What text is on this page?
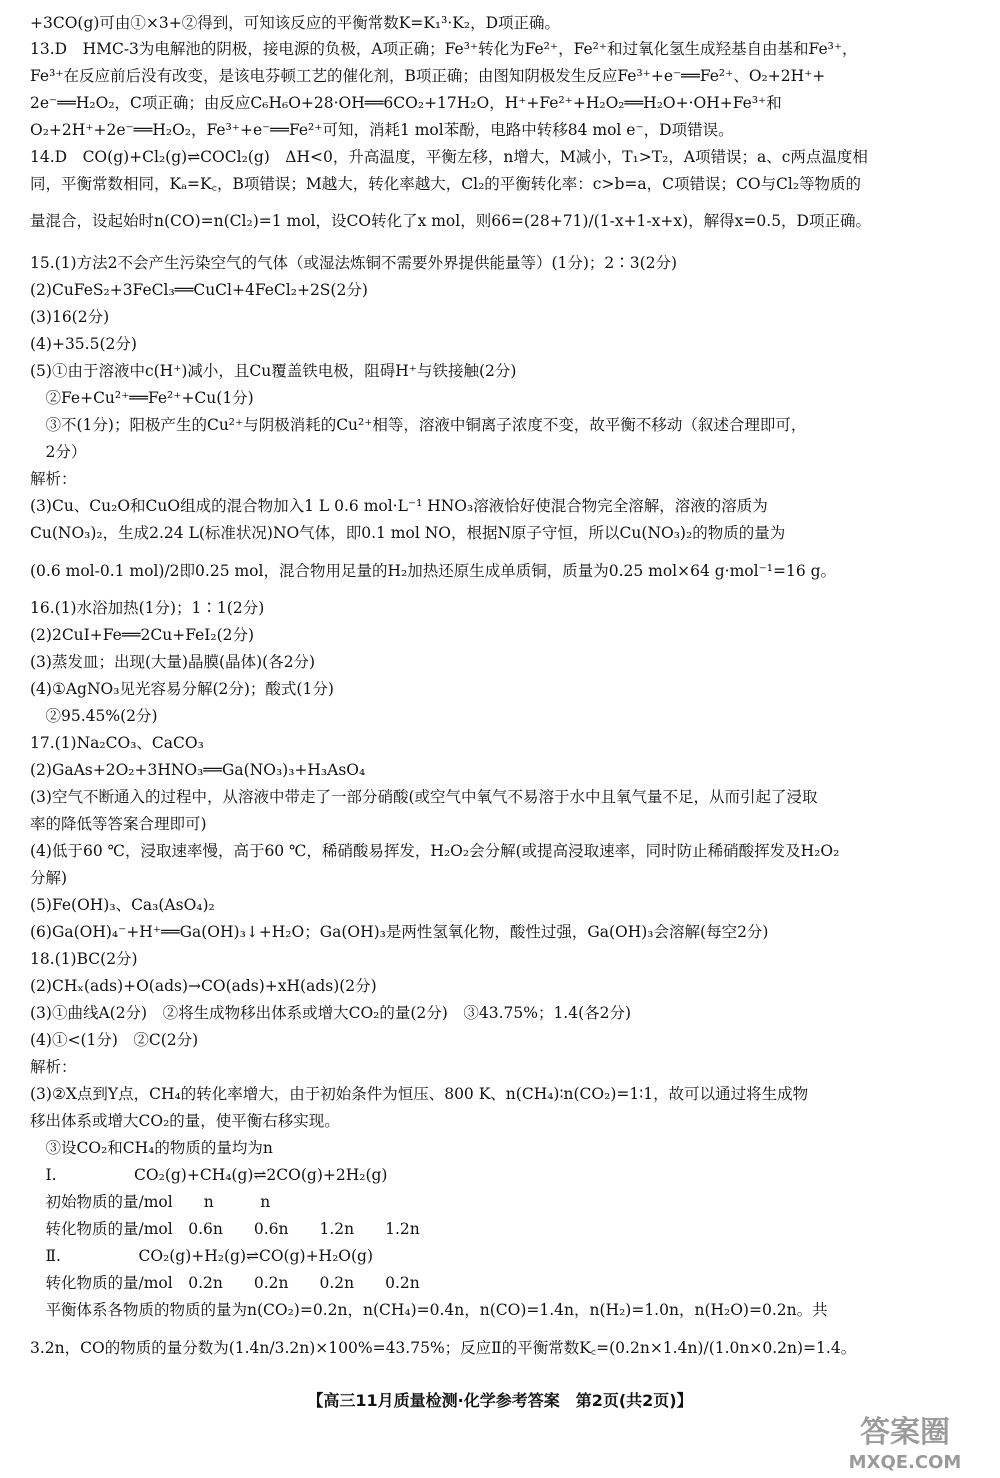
+3CO(g)可由①×3+②得到，可知该反应的平衡常数K=K₁³·K₂，D项正确。
13.D　HMC-3为电解池的阴极，接电源的负极，A项正确；Fe³⁺转化为Fe²⁺，Fe²⁺和过氧化氢生成羟基自由基和Fe³⁺，
Fe³⁺在反应前后没有改变，是该电芬顿工艺的催化剂，B项正确；由图知阴极发生反应Fe³⁺+e⁻══Fe²⁺、O₂+2H⁺+
2e⁻══H₂O₂，C项正确；由反应C₆H₆O+28·OH══6CO₂+17H₂O，H⁺+Fe²⁺+H₂O₂══H₂O+·OH+Fe³⁺和
O₂+2H⁺+2e⁻══H₂O₂，Fe³⁺+e⁻══Fe²⁺可知，消耗1 mol苯酚，电路中转移84 mol e⁻，D项错误。
14.D　CO(g)+Cl₂(g)⇌COCl₂(g)　ΔH<0，升高温度，平衡左移，n增大，M减小，T₁>T₂，A项错误；a、c两点温度相
同，平衡常数相同，Kₐ=K꜀，B项错误；M越大，转化率越大，Cl₂的平衡转化率：c>b=a，C项错误；CO与Cl₂等物质的
量混合，设起始时n(CO)=n(Cl₂)=1 mol，设CO转化了x mol，则66=(28+71)/(1-x+1-x+x)，解得x=0.5，D项正确。
15.(1)方法2不会产生污染空气的气体（或湿法炼铜不需要外界提供能量等）(1分)；2∶3(2分)
(2)CuFeS₂+3FeCl₃══CuCl+4FeCl₂+2S(2分)
(3)16(2分)
(4)+35.5(2分)
(5)①由于溶液中c(H⁺)减小，且Cu覆盖铁电极，阻碍H⁺与铁接触(2分)
　②Fe+Cu²⁺══Fe²⁺+Cu(1分)
　③不(1分)；阳极产生的Cu²⁺与阴极消耗的Cu²⁺相等，溶液中铜离子浓度不变，故平衡不移动（叙述合理即可，
　2分）
解析：
(3)Cu、Cu₂O和CuO组成的混合物加入1 L 0.6 mol·L⁻¹ HNO₃溶液恰好使混合物完全溶解，溶液的溶质为
Cu(NO₃)₂，生成2.24 L(标准状况)NO气体，即0.1 mol NO，根据N原子守恒，所以Cu(NO₃)₂的物质的量为
(0.6 mol-0.1 mol)/2即0.25 mol，混合物用足量的H₂加热还原生成单质铜，质量为0.25 mol×64 g·mol⁻¹=16 g。
16.(1)水浴加热(1分)；1∶1(2分)
(2)2CuI+Fe══2Cu+FeI₂(2分)
(3)蒸发皿；出现(大量)晶膜(晶体)(各2分)
(4)①AgNO₃见光容易分解(2分)；酸式(1分)
　②95.45%(2分)
17.(1)Na₂CO₃、CaCO₃
(2)GaAs+2O₂+3HNO₃══Ga(NO₃)₃+H₃AsO₄
(3)空气不断通入的过程中，从溶液中带走了一部分硝酸(或空气中氧气不易溶于水中且氧气量不足，从而引起了浸取
率的降低等答案合理即可)
(4)低于60 ℃，浸取速率慢，高于60 ℃，稀硝酸易挥发，H₂O₂会分解(或提高浸取速率，同时防止稀硝酸挥发及H₂O₂
分解)
(5)Fe(OH)₃、Ca₃(AsO₄)₂
(6)Ga(OH)₄⁻+H⁺══Ga(OH)₃↓+H₂O；Ga(OH)₃是两性氢氧化物，酸性过强，Ga(OH)₃会溶解(每空2分)
18.(1)BC(2分)
(2)CHₓ(ads)+O(ads)→CO(ads)+xH(ads)(2分)
(3)①曲线A(2分)　②将生成物移出体系或增大CO₂的量(2分)　③43.75%；1.4(各2分)
(4)①<(1分)　②C(2分)
解析：
(3)②X点到Y点，CH₄的转化率增大，由于初始条件为恒压、800 K、n(CH₄)∶n(CO₂)=1∶1，故可以通过将生成物
移出体系或增大CO₂的量，使平衡右移实现。
　③设CO₂和CH₄的物质的量均为n
　Ⅰ.　　　　　CO₂(g)+CH₄(g)⇌2CO(g)+2H₂(g)
　初始物质的量/mol　　n　　　n
　转化物质的量/mol　0.6n　　0.6n　　1.2n　　1.2n
　Ⅱ.　　　　　CO₂(g)+H₂(g)⇌CO(g)+H₂O(g)
　转化物质的量/mol　0.2n　　0.2n　　0.2n　　0.2n
　平衡体系各物质的物质的量为n(CO₂)=0.2n，n(CH₄)=0.4n，n(CO)=1.4n，n(H₂)=1.0n，n(H₂O)=0.2n。共
3.2n，CO的物质的量分数为(1.4n/3.2n)×100%=43.75%；反应Ⅱ的平衡常数K꜀=(0.2n×1.4n)/(1.0n×0.2n)=1.4。
【高三11月质量检测·化学参考答案　第2页(共2页)】
答案圈
MXQE.COM
